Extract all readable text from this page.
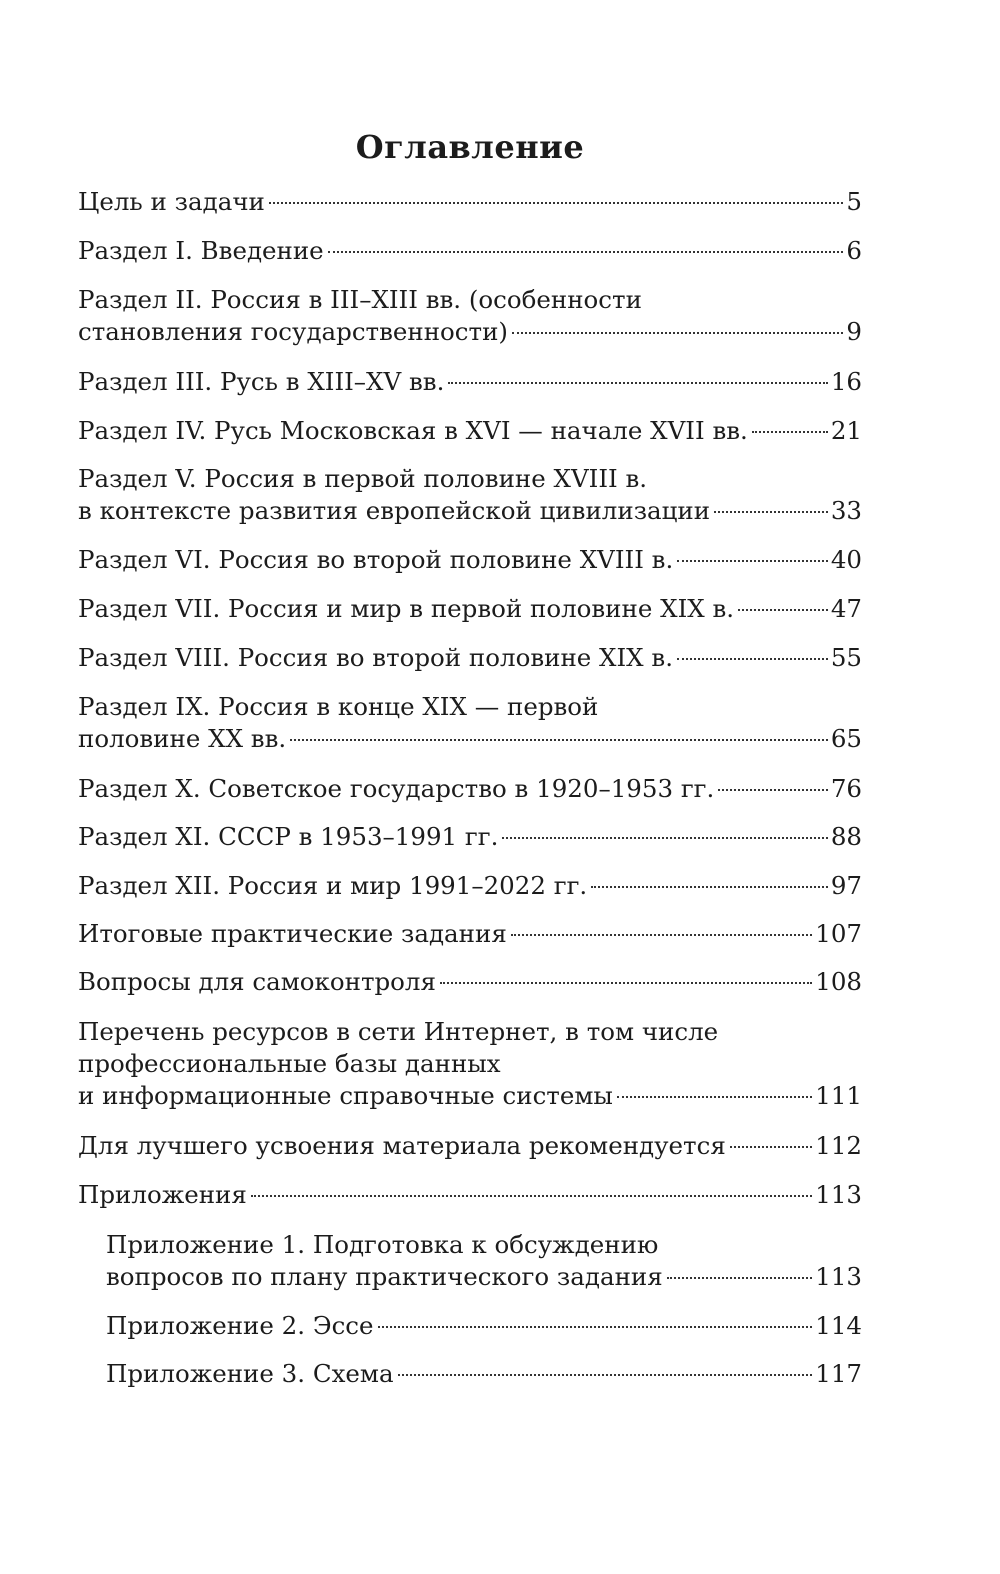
Оглавление
Цель и задачи	5
Раздел I. Введение	6
Раздел II. Россия в III–XIII вв. (особенности
становления государственности)	9
Раздел III. Русь в XIII–XV вв.	16
Раздел IV. Русь Московская в XVI — начале XVII вв.	21
Раздел V. Россия в первой половине XVIII в.
в контексте развития европейской цивилизации	33
Раздел VI. Россия во второй половине XVIII в.	40
Раздел VII. Россия и мир в первой половине XIX в.	47
Раздел VIII. Россия во второй половине XIX в.	55
Раздел IX. Россия в конце XIX — первой
половине XX вв.	65
Раздел X. Советское государство в 1920–1953 гг.	76
Раздел XI. СССР в 1953–1991 гг.	88
Раздел XII. Россия и мир 1991–2022 гг.	97
Итоговые практические задания	107
Вопросы для самоконтроля	108
Перечень ресурсов в сети Интернет, в том числе
профессиональные базы данных
и информационные справочные системы	111
Для лучшего усвоения материала рекомендуется	112
Приложения	113
Приложение 1. Подготовка к обсуждению
вопросов по плану практического задания	113
Приложение 2. Эссе	114
Приложение 3. Схема	117
